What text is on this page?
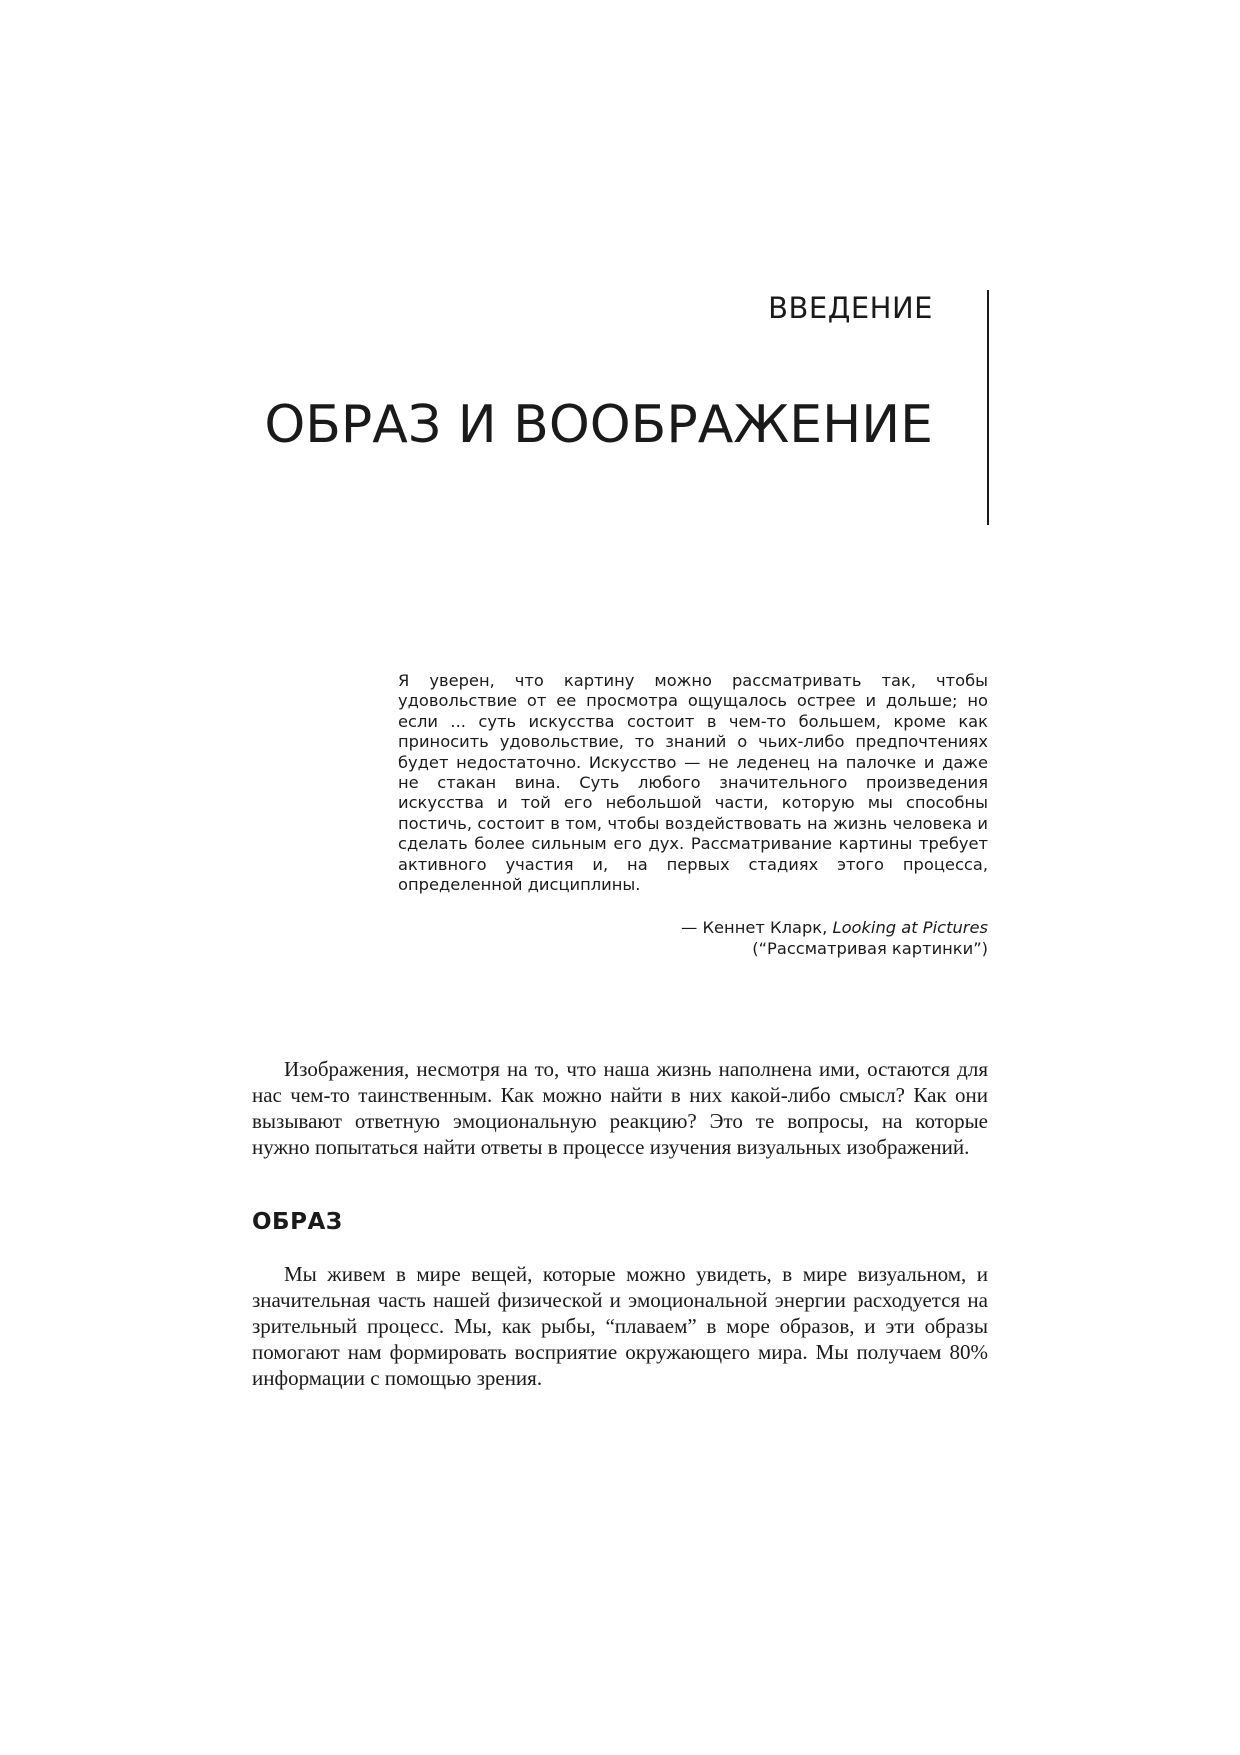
ВВЕДЕНИЕ
ОБРАЗ И ВООБРАЖЕНИЕ

Я уверен, что картину можно рассматривать так, чтобы удовольствие от ее просмотра ощущалось острее и дольше; но если ... суть искусства состоит в чем-то большем, кроме как приносить удовольствие, то знаний о чьих-либо предпочтениях будет недостаточно. Искусство — не леденец на палочке и даже не стакан вина. Суть любого значительного произведения искусства и той его небольшой части, которую мы способны постичь, состоит в том, чтобы воздействовать на жизнь человека и сделать более сильным его дух. Рассматривание картины требует активного участия и, на первых стадиях этого процесса, определенной дисциплины.

— Кеннет Кларк, Looking at Pictures
(“Рассматривая картинки”)

Изображения, несмотря на то, что наша жизнь наполнена ими, остаются для нас чем-то таинственным. Как можно найти в них какой-либо смысл? Как они вызывают ответную эмоциональную реакцию? Это те вопросы, на которые нужно попытаться найти ответы в процессе изучения визуальных изображений.

ОБРАЗ

Мы живем в мире вещей, которые можно увидеть, в мире визуальном, и значительная часть нашей физической и эмоциональной энергии расходуется на зрительный процесс. Мы, как рыбы, “плаваем” в море образов, и эти образы помогают нам формировать восприятие окружающего мира. Мы получаем 80% информации с помощью зрения.
